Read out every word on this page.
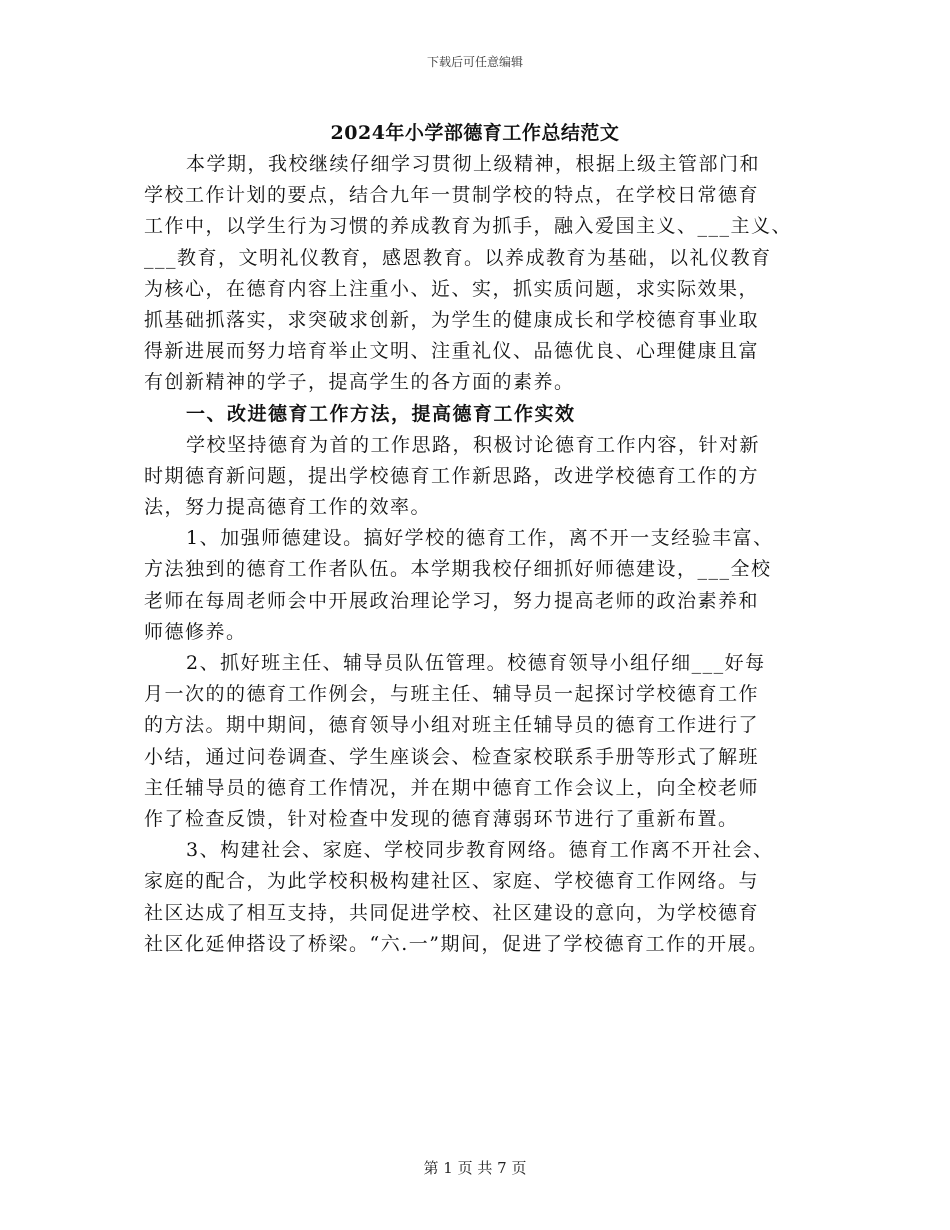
下载后可任意编辑
2024年小学部德育工作总结范文
本学期，我校继续仔细学习贯彻上级精神，根据上级主管部门和
学校工作计划的要点，结合九年一贯制学校的特点，在学校日常德育
工作中，以学生行为习惯的养成教育为抓手，融入爱国主义、___主义、
___教育，文明礼仪教育，感恩教育。以养成教育为基础，以礼仪教育
为核心，在德育内容上注重小、近、实，抓实质问题，求实际效果，
抓基础抓落实，求突破求创新，为学生的健康成长和学校德育事业取
得新进展而努力培育举止文明、注重礼仪、品德优良、心理健康且富
有创新精神的学子，提高学生的各方面的素养。
一、改进德育工作方法，提高德育工作实效
学校坚持德育为首的工作思路，积极讨论德育工作内容，针对新
时期德育新问题，提出学校德育工作新思路，改进学校德育工作的方
法，努力提高德育工作的效率。
1、加强师德建设。搞好学校的德育工作，离不开一支经验丰富、
方法独到的德育工作者队伍。本学期我校仔细抓好师德建设，___全校
老师在每周老师会中开展政治理论学习，努力提高老师的政治素养和
师德修养。
2、抓好班主任、辅导员队伍管理。校德育领导小组仔细___好每
月一次的的德育工作例会，与班主任、辅导员一起探讨学校德育工作
的方法。期中期间，德育领导小组对班主任辅导员的德育工作进行了
小结，通过问卷调查、学生座谈会、检查家校联系手册等形式了解班
主任辅导员的德育工作情况，并在期中德育工作会议上，向全校老师
作了检查反馈，针对检查中发现的德育薄弱环节进行了重新布置。
3、构建社会、家庭、学校同步教育网络。德育工作离不开社会、
家庭的配合，为此学校积极构建社区、家庭、学校德育工作网络。与
社区达成了相互支持，共同促进学校、社区建设的意向，为学校德育
社区化延伸搭设了桥梁。“六.一”期间，促进了学校德育工作的开展。
第 1 页 共 7 页
